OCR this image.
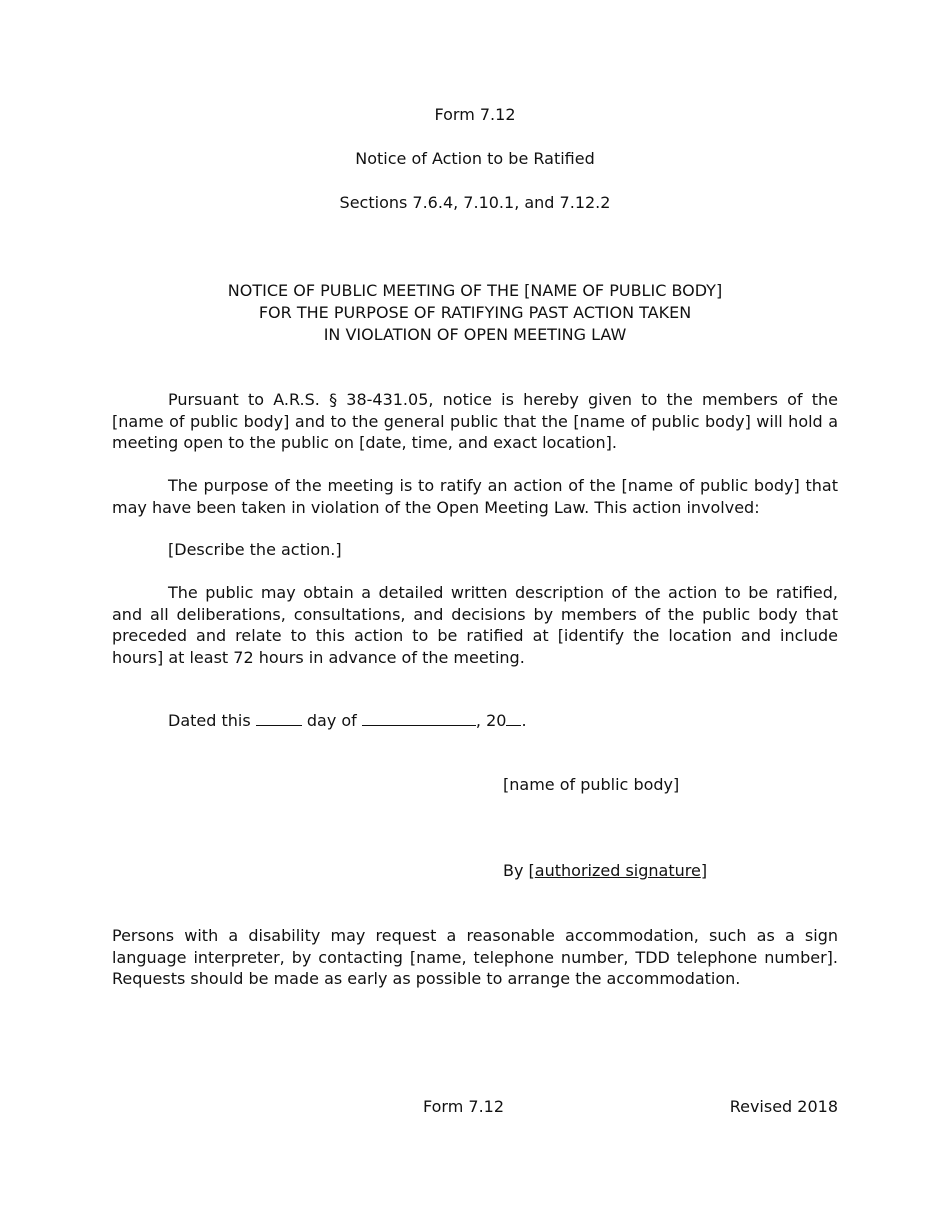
Form 7.12
Notice of Action to be Ratified
Sections 7.6.4, 7.10.1, and 7.12.2
NOTICE OF PUBLIC MEETING OF THE [NAME OF PUBLIC BODY]
FOR THE PURPOSE OF RATIFYING PAST ACTION TAKEN
IN VIOLATION OF OPEN MEETING LAW
Pursuant to A.R.S. § 38-431.05, notice is hereby given to the members of the [name of public body] and to the general public that the [name of public body] will hold a meeting open to the public on [date, time, and exact location].
The purpose of the meeting is to ratify an action of the [name of public body] that may have been taken in violation of the Open Meeting Law. This action involved:
[Describe the action.]
The public may obtain a detailed written description of the action to be ratified, and all deliberations, consultations, and decisions by members of the public body that preceded and relate to this action to be ratified at [identify the location and include hours] at least 72 hours in advance of the meeting.
Dated this	day of	, 20 .
[name of public body]
By [authorized signature]
Persons with a disability may request a reasonable accommodation, such as a sign language interpreter, by contacting [name, telephone number, TDD telephone number]. Requests should be made as early as possible to arrange the accommodation.
Form 7.12	Revised 2018
